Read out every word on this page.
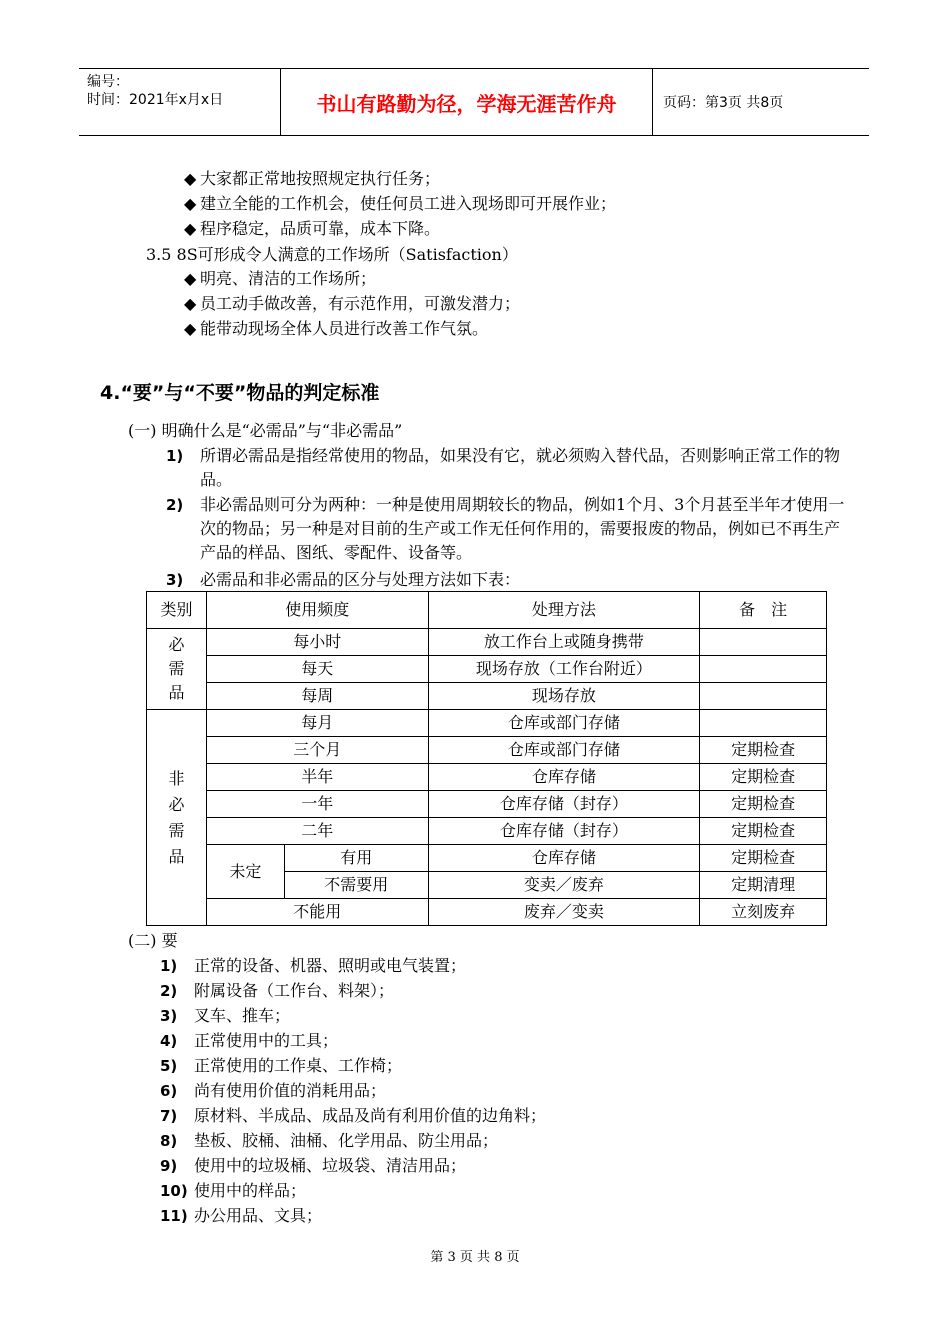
编号：
时间：2021年x月x日	书山有路勤为径，学海无涯苦作舟	页码：第3页 共8页
◆ 大家都正常地按照规定执行任务；
◆ 建立全能的工作机会，使任何员工进入现场即可开展作业；
◆ 程序稳定，品质可靠，成本下降。
3.5 8S可形成令人满意的工作场所（Satisfaction）
◆ 明亮、清洁的工作场所；
◆ 员工动手做改善，有示范作用，可激发潜力；
◆ 能带动现场全体人员进行改善工作气氛。
4.“要”与“不要”物品的判定标准
(一) 明确什么是“必需品”与“非必需品”
1) 所谓必需品是指经常使用的物品，如果没有它，就必须购入替代品，否则影响正常工作的物品。
2) 非必需品则可分为两种：一种是使用周期较长的物品，例如1个月、3个月甚至半年才使用一次的物品；另一种是对目前的生产或工作无任何作用的，需要报废的物品，例如已不再生产产品的样品、图纸、零配件、设备等。
3) 必需品和非必需品的区分与处理方法如下表：
类别	使用频度		处理方法	备　注

必需品	每小时		放工作台上或随身携带	
	每天		现场存放（工作台附近）	
	每周		现场存放	

非必需品	每月		仓库或部门存储	
	三个月		仓库或部门存储	定期检查
	半年		仓库存储	定期检查
	一年		仓库存储（封存）	定期检查
	二年		仓库存储（封存）	定期检查
	未定	有用	仓库存储	定期检查
		不需要用	变卖／废弃	定期清理
	不能用		废弃／变卖	立刻废弃
(二) 要
1) 正常的设备、机器、照明或电气装置；
2) 附属设备（工作台、料架）；
3) 叉车、推车；
4) 正常使用中的工具；
5) 正常使用的工作桌、工作椅；
6) 尚有使用价值的消耗用品；
7) 原材料、半成品、成品及尚有利用价值的边角料；
8) 垫板、胶桶、油桶、化学用品、防尘用品；
9) 使用中的垃圾桶、垃圾袋、清洁用品；
10) 使用中的样品；
11) 办公用品、文具；
第 3 页 共 8 页
